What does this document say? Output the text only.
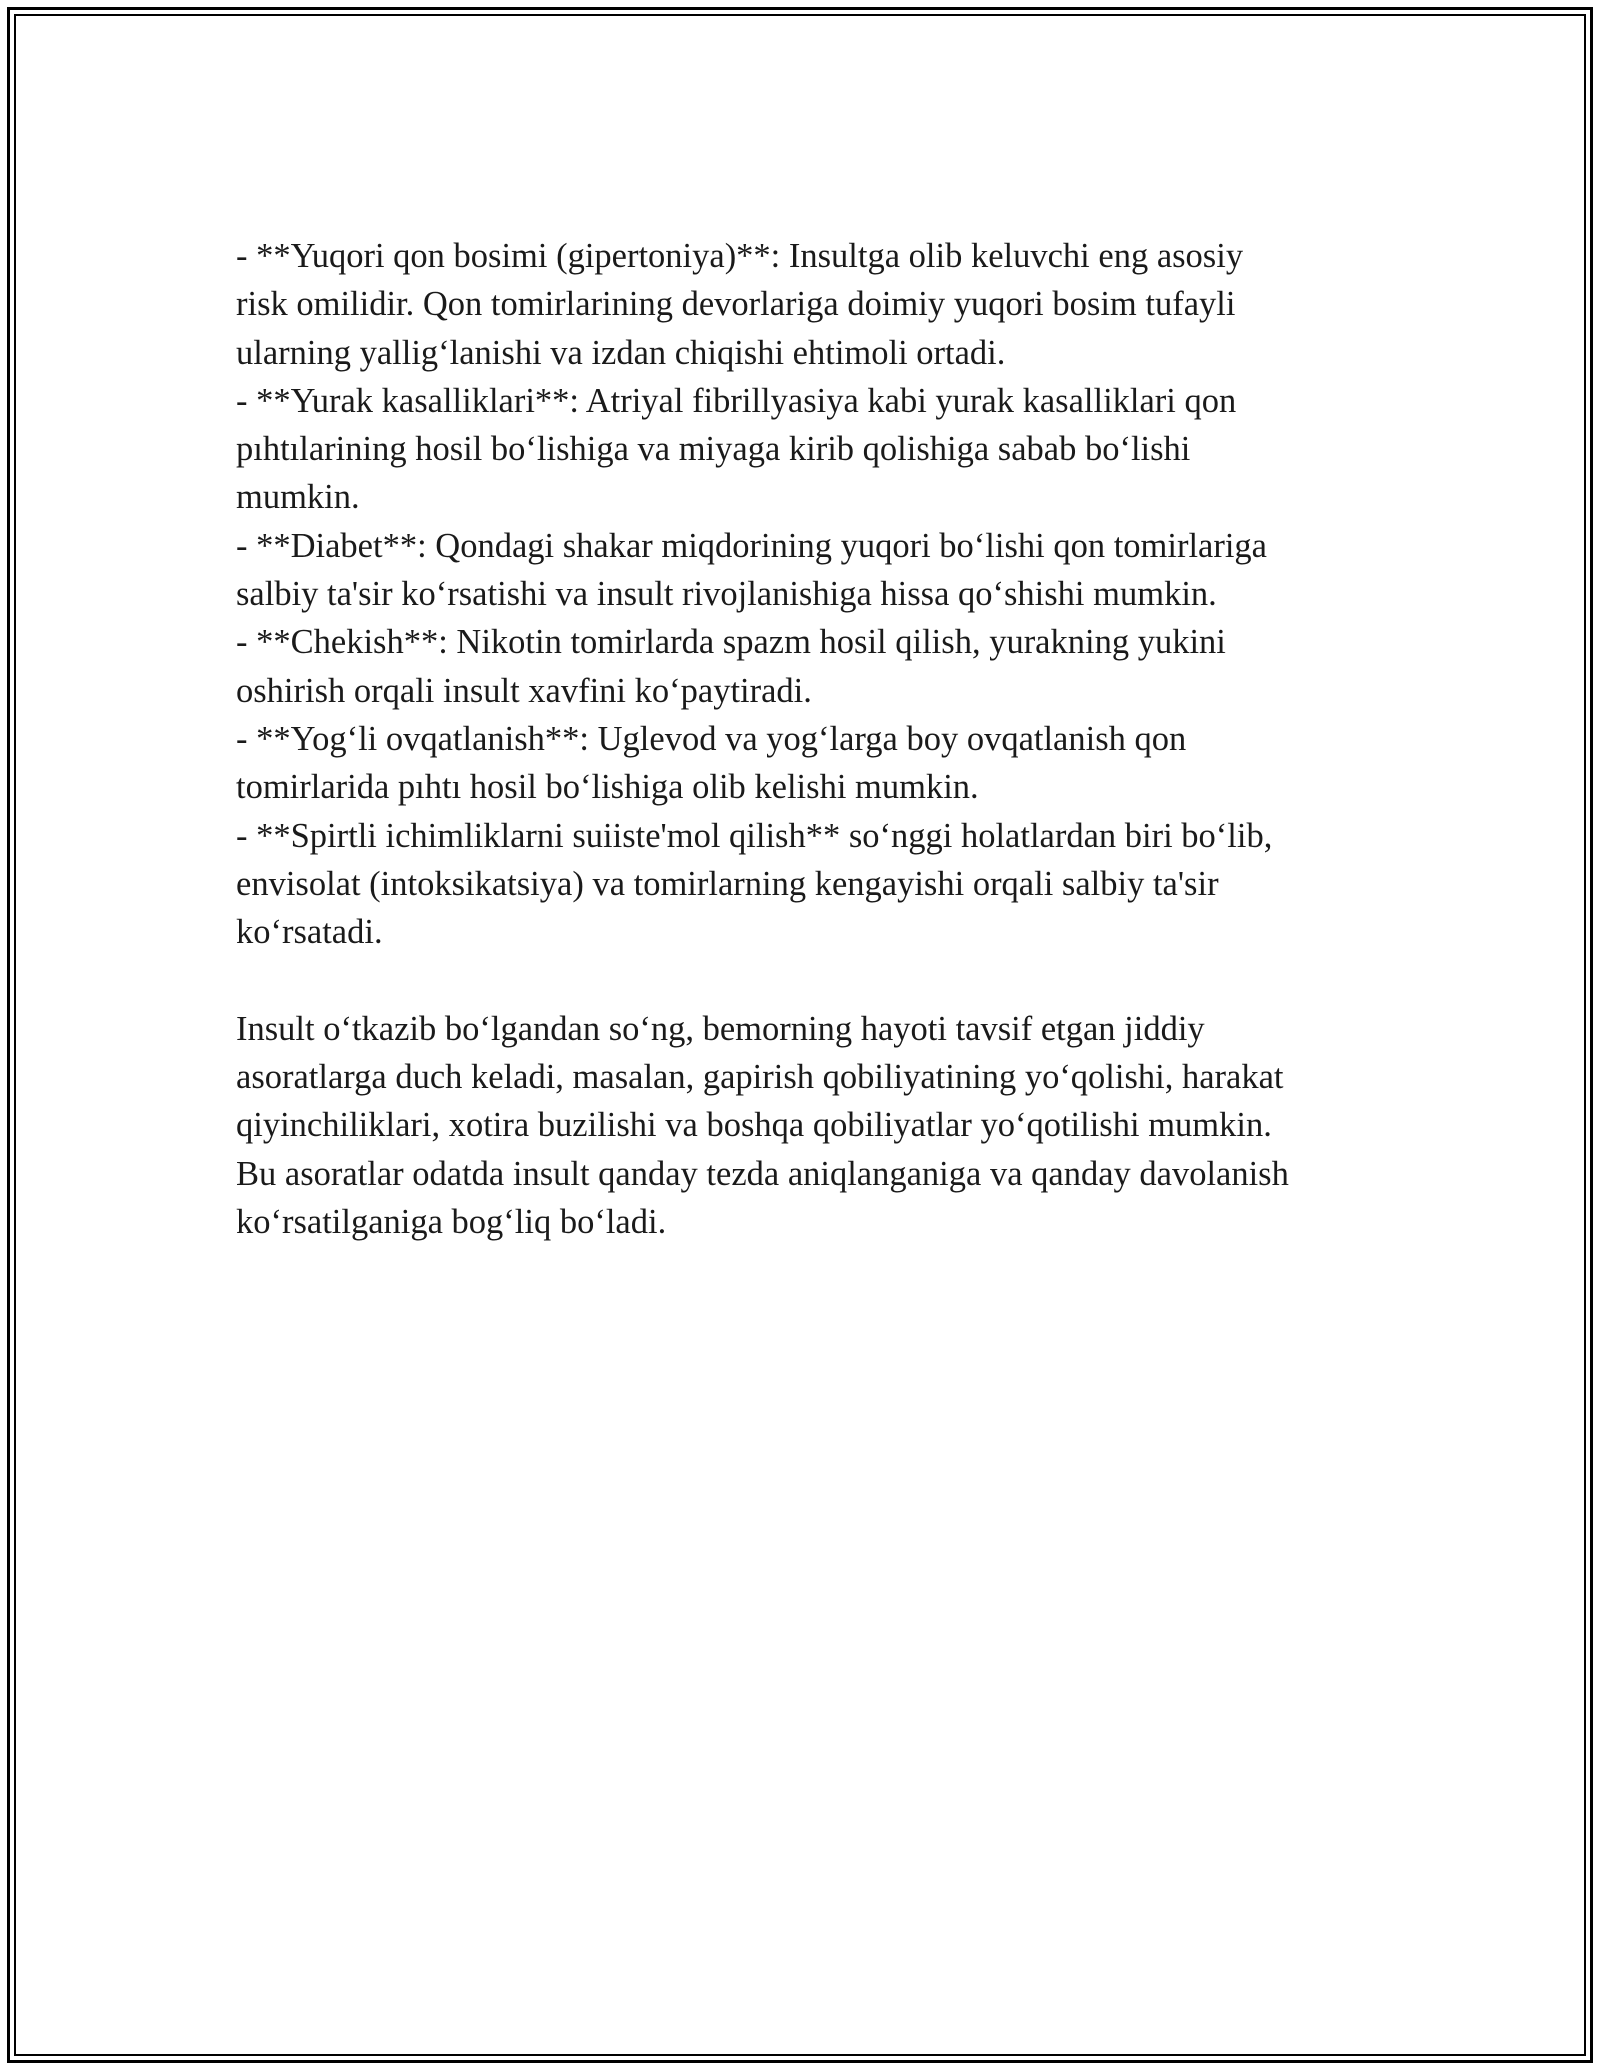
- **Yuqori qon bosimi (gipertoniya)**: Insultga olib keluvchi eng asosiy
risk omilidir. Qon tomirlarining devorlariga doimiy yuqori bosim tufayli
ularning yallig‘lanishi va izdan chiqishi ehtimoli ortadi.
- **Yurak kasalliklari**: Atriyal fibrillyasiya kabi yurak kasalliklari qon
pıhtılarining hosil bo‘lishiga va miyaga kirib qolishiga sabab bo‘lishi
mumkin.
- **Diabet**: Qondagi shakar miqdorining yuqori bo‘lishi qon tomirlariga
salbiy ta'sir ko‘rsatishi va insult rivojlanishiga hissa qo‘shishi mumkin.
- **Chekish**: Nikotin tomirlarda spazm hosil qilish, yurakning yukini
oshirish orqali insult xavfini ko‘paytiradi.
- **Yog‘li ovqatlanish**: Uglevod va yog‘larga boy ovqatlanish qon
tomirlarida pıhtı hosil bo‘lishiga olib kelishi mumkin.
- **Spirtli ichimliklarni suiiste'mol qilish** so‘nggi holatlardan biri bo‘lib,
envisolat (intoksikatsiya) va tomirlarning kengayishi orqali salbiy ta'sir
ko‘rsatadi.
Insult o‘tkazib bo‘lgandan so‘ng, bemorning hayoti tavsif etgan jiddiy
asoratlarga duch keladi, masalan, gapirish qobiliyatining yo‘qolishi, harakat
qiyinchiliklari, xotira buzilishi va boshqa qobiliyatlar yo‘qotilishi mumkin.
Bu asoratlar odatda insult qanday tezda aniqlanganiga va qanday davolanish
ko‘rsatilganiga bog‘liq bo‘ladi.
